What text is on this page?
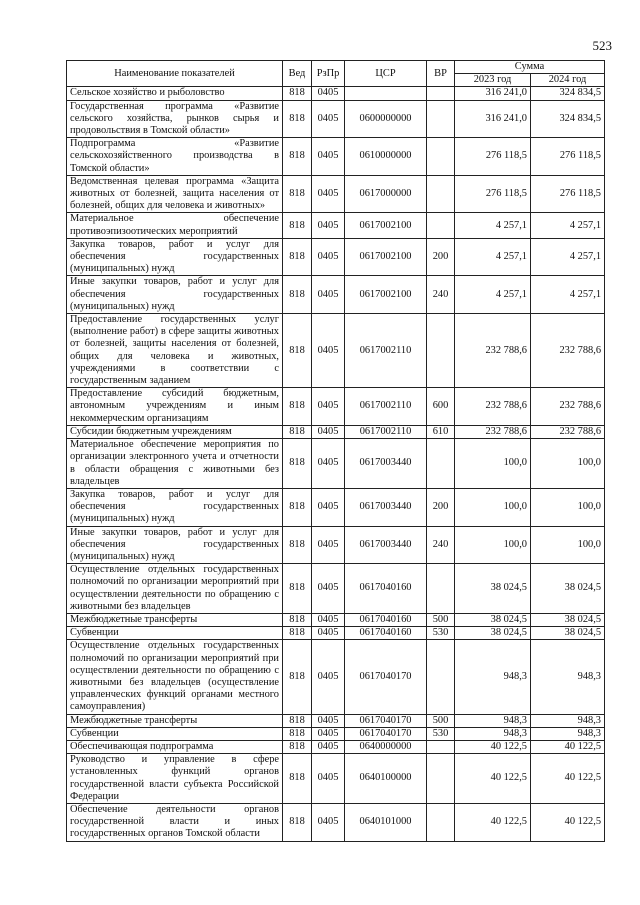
523
Наименование показателей	Вед	РзПр	ЦСР	ВР	Сумма	
					2023 год	2024 год
Сельское хозяйство и рыболовство	818	0405			316 241,0	324 834,5
Государственная программа «Развитие сельского хозяйства, рынков сырья и продовольствия в Томской области»	818	0405	0600000000		316 241,0	324 834,5
Подпрограмма «Развитие сельскохозяйственного производства в Томской области»	818	0405	0610000000		276 118,5	276 118,5
Ведомственная целевая программа «Защита животных от болезней, защита населения от болезней, общих для человека и животных»	818	0405	0617000000		276 118,5	276 118,5
Материальное обеспечение противоэпизоотических мероприятий	818	0405	0617002100		4 257,1	4 257,1
Закупка товаров, работ и услуг для обеспечения государственных (муниципальных) нужд	818	0405	0617002100	200	4 257,1	4 257,1
Иные закупки товаров, работ и услуг для обеспечения государственных (муниципальных) нужд	818	0405	0617002100	240	4 257,1	4 257,1
Предоставление государственных услуг (выполнение работ) в сфере защиты животных от болезней, защиты населения от болезней, общих для человека и животных, учреждениями в соответствии с государственным заданием	818	0405	0617002110		232 788,6	232 788,6
Предоставление субсидий бюджетным, автономным учреждениям и иным некоммерческим организациям	818	0405	0617002110	600	232 788,6	232 788,6
Субсидии бюджетным учреждениям	818	0405	0617002110	610	232 788,6	232 788,6
Материальное обеспечение мероприятия по организации электронного учета и отчетности в области обращения с животными без владельцев	818	0405	0617003440		100,0	100,0
Закупка товаров, работ и услуг для обеспечения государственных (муниципальных) нужд	818	0405	0617003440	200	100,0	100,0
Иные закупки товаров, работ и услуг для обеспечения государственных (муниципальных) нужд	818	0405	0617003440	240	100,0	100,0
Осуществление отдельных государственных полномочий по организации мероприятий при осуществлении деятельности по обращению с животными без владельцев	818	0405	0617040160		38 024,5	38 024,5
Межбюджетные трансферты	818	0405	0617040160	500	38 024,5	38 024,5
Субвенции	818	0405	0617040160	530	38 024,5	38 024,5
Осуществление отдельных государственных полномочий по организации мероприятий при осуществлении деятельности по обращению с животными без владельцев (осуществление управленческих функций органами местного самоуправления)	818	0405	0617040170		948,3	948,3
Межбюджетные трансферты	818	0405	0617040170	500	948,3	948,3
Субвенции	818	0405	0617040170	530	948,3	948,3
Обеспечивающая подпрограмма	818	0405	0640000000		40 122,5	40 122,5
Руководство и управление в сфере установленных функций органов государственной власти субъекта Российской Федерации	818	0405	0640100000		40 122,5	40 122,5
Обеспечение деятельности органов государственной власти и иных государственных органов Томской области	818	0405	0640101000		40 122,5	40 122,5
